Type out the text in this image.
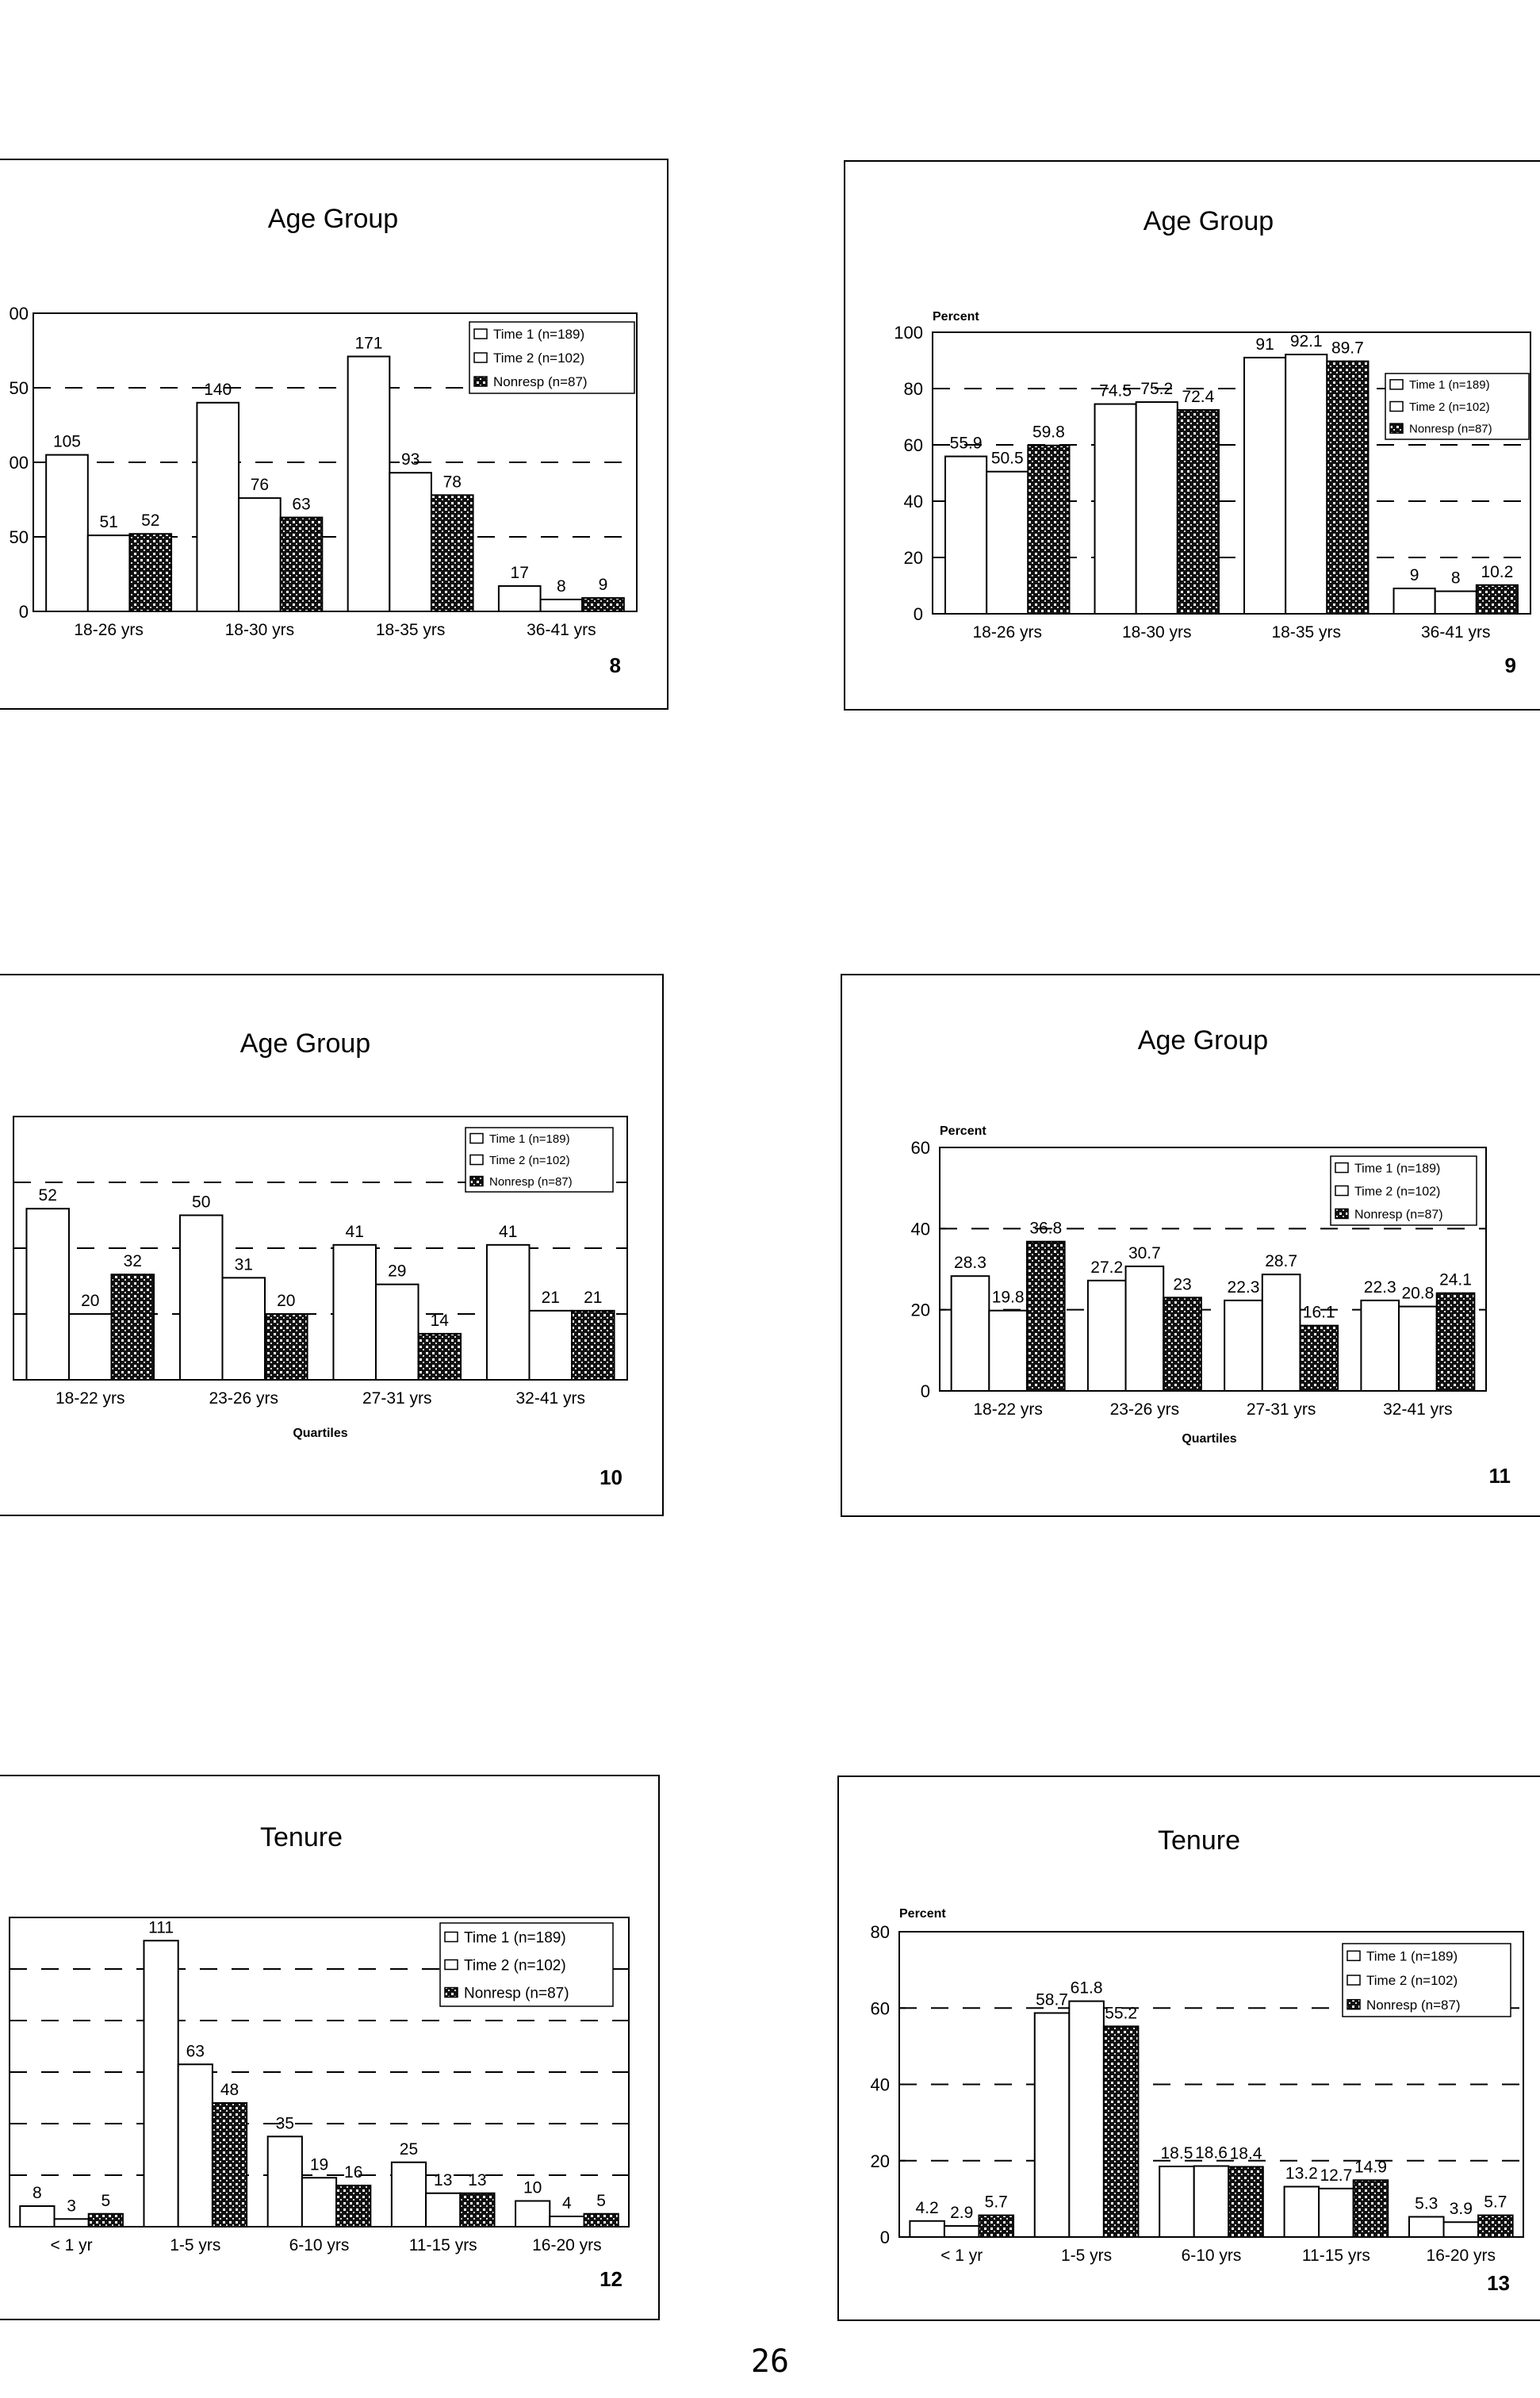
Age Group
8
0
50
00
50
00
105
51 52
18-26 yrs
140
76
63
18-30 yrs
171
93
78
18-35 yrs
17
8 9
36-41 yrs
Time 1 (n=189)
Time 2 (n=102)
Nonresp (n=87)
Age Group
9
Percent
0
20
40
60
80
100
55.9
50.5
59.8
18-26 yrs
74.5 75.2 72.4
18-30 yrs
91 92.1 89.7
18-35 yrs
9 8 10.2
36-41 yrs
Time 1 (n=189)
Time 2 (n=102)
Nonresp (n=87)
Age Group
10
Quartiles
52
20
32
18-22 yrs
50
31
20
23-26 yrs
41
29
14
27-31 yrs
41
21 21
32-41 yrs
Time 1 (n=189)
Time 2 (n=102)
Nonresp (n=87)
Age Group
11
Percent
Quartiles
0
20
40
60
28.3
19.8
36.8
18-22 yrs
27.2
30.7
23
23-26 yrs
22.3
28.7
16.1
27-31 yrs
22.3 20.8
24.1
32-41 yrs
Time 1 (n=189)
Time 2 (n=102)
Nonresp (n=87)
Tenure
12
8
3 5
< 1 yr
111
63
48
1-5 yrs
35
19 16
6-10 yrs
25
13 13
11-15 yrs
10
4 5
16-20 yrs
Time 1 (n=189)
Time 2 (n=102)
Nonresp (n=87)
Tenure
13
Percent
0
20
40
60
80
4.2 2.9
5.7
< 1 yr
58.7
61.8
55.2
1-5 yrs
18.5 18.6 18.4
6-10 yrs
13.2 12.7 14.9
11-15 yrs
5.3 3.9 5.7
16-20 yrs
Time 1 (n=189)
Time 2 (n=102)
Nonresp (n=87)
26
